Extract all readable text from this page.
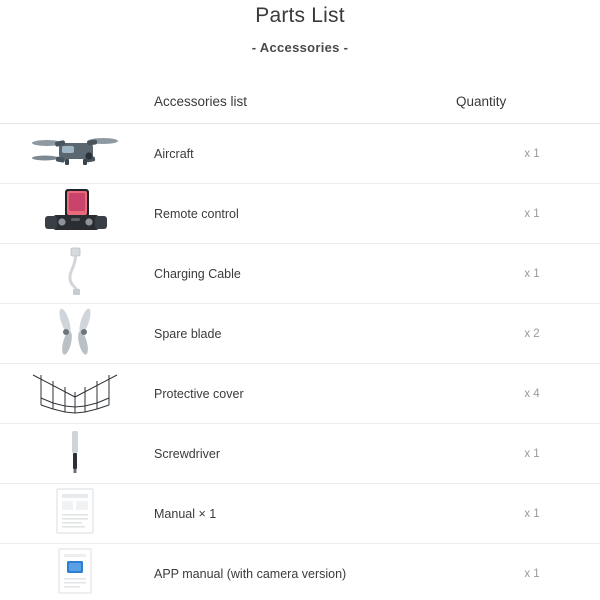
Parts List
- Accessories -
	Accessories list	Quantity

	Aircraft	x 1

	Remote control	x 1

	Charging Cable	x 1

	Spare blade	x 2

	Protective cover	x 4

	Screwdriver	x 1

	Manual × 1	x 1

	APP manual (with camera version)	x 1
